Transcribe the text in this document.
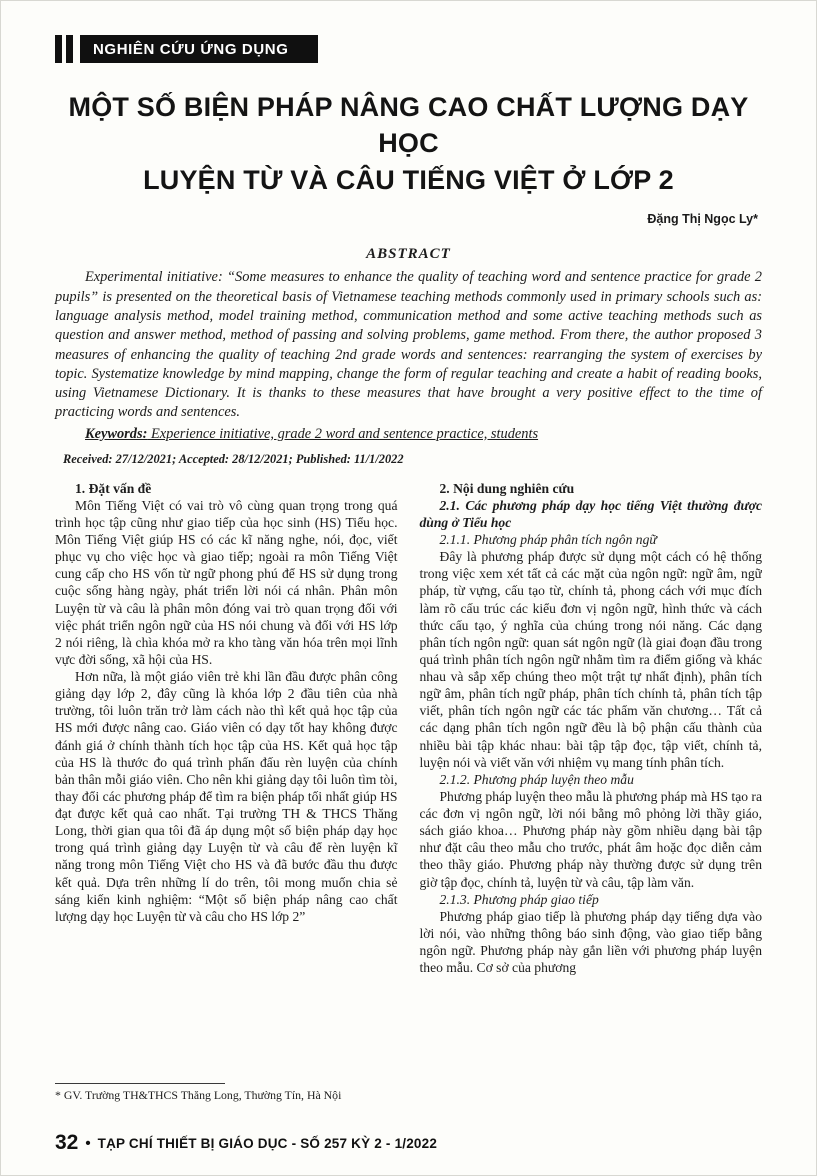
NGHIÊN CỨU ỨNG DỤNG
MỘT SỐ BIỆN PHÁP NÂNG CAO CHẤT LƯỢNG DẠY HỌC
LUYỆN TỪ VÀ CÂU TIẾNG VIỆT Ở LỚP 2
Đặng Thị Ngọc Ly*
ABSTRACT

Experimental initiative: “Some measures to enhance the quality of teaching word and sentence practice for grade 2 pupils” is presented on the theoretical basis of Vietnamese teaching methods commonly used in primary schools such as: language analysis method, model training method, communication method and some active teaching methods such as question and answer method, method of passing and solving problems, game method. From there, the author proposed 3 measures of enhancing the quality of teaching 2nd grade words and sentences: rearranging the system of exercises by topic. Systematize knowledge by mind mapping, change the form of regular teaching and create a habit of reading books, using Vietnamese Dictionary. It is thanks to these measures that have brought a very positive effect to the time of practicing words and sentences.

Keywords: Experience initiative, grade 2 word and sentence practice, students

Received: 27/12/2021; Accepted: 28/12/2021; Published: 11/1/2022

1. Đặt vấn đề

Môn Tiếng Việt có vai trò vô cùng quan trọng trong quá trình học tập cũng như giao tiếp của học sinh (HS) Tiểu học. Môn Tiếng Việt giúp HS có các kĩ năng nghe, nói, đọc, viết phục vụ cho việc học và giao tiếp; ngoài ra môn Tiếng Việt cung cấp cho HS vốn từ ngữ phong phú để HS sử dụng trong cuộc sống hàng ngày, phát triển lời nói cá nhân. Phân môn Luyện từ và câu là phân môn đóng vai trò quan trọng đối với việc phát triển ngôn ngữ của HS nói chung và đối với HS lớp 2 nói riêng, là chìa khóa mở ra kho tàng văn hóa trên mọi lĩnh vực đời sống, xã hội của HS.

Hơn nữa, là một giáo viên trẻ khi lần đầu được phân công giảng dạy lớp 2, đây cũng là khóa lớp 2 đầu tiên của nhà trường, tôi luôn trăn trở làm cách nào thì kết quả học tập của HS mới được nâng cao. Giáo viên có dạy tốt hay không được đánh giá ở chính thành tích học tập của HS. Kết quả học tập của HS là thước đo quá trình phấn đấu rèn luyện của chính bản thân mỗi giáo viên. Cho nên khi giảng dạy tôi luôn tìm tòi, thay đổi các phương pháp để tìm ra biện pháp tối nhất giúp HS đạt được kết quả cao nhất. Tại trường TH & THCS Thăng Long, thời gian qua tôi đã áp dụng một số biện pháp dạy học trong quá trình giảng dạy Luyện từ và câu để rèn luyện kĩ năng trong môn Tiếng Việt cho HS và đã bước đầu thu được kết quả. Dựa trên những lí do trên, tôi mong muốn chia sẻ sáng kiến kinh nghiệm: “Một số biện pháp nâng cao chất lượng dạy học Luyện từ và câu cho HS lớp 2”

* GV. Trường TH&THCS Thăng Long, Thường Tín, Hà Nội

2. Nội dung nghiên cứu

2.1. Các phương pháp dạy học tiếng Việt thường được dùng ở Tiểu học

2.1.1. Phương pháp phân tích ngôn ngữ

Đây là phương pháp được sử dụng một cách có hệ thống trong việc xem xét tất cả các mặt của ngôn ngữ: ngữ âm, ngữ pháp, từ vựng, cấu tạo từ, chính tả, phong cách với mục đích làm rõ cấu trúc các kiểu đơn vị ngôn ngữ, hình thức và cách thức cấu tạo, ý nghĩa của chúng trong nói năng. Các dạng phân tích ngôn ngữ: quan sát ngôn ngữ (là giai đoạn đầu trong quá trình phân tích ngôn ngữ nhằm tìm ra điểm giống và khác nhau và sắp xếp chúng theo một trật tự nhất định), phân tích ngữ âm, phân tích ngữ pháp, phân tích chính tả, phân tích tập viết, phân tích ngôn ngữ các tác phẩm văn chương… Tất cả các dạng phân tích ngôn ngữ đều là bộ phận cấu thành của nhiều bài tập khác nhau: bài tập tập đọc, tập viết, chính tả, luyện nói và viết văn với nhiệm vụ mang tính phân tích.

2.1.2. Phương pháp luyện theo mẫu

Phương pháp luyện theo mẫu là phương pháp mà HS tạo ra các đơn vị ngôn ngữ, lời nói bằng mô phỏng lời thầy giáo, sách giáo khoa… Phương pháp này gồm nhiều dạng bài tập như đặt câu theo mẫu cho trước, phát âm hoặc đọc diễn cảm theo thầy giáo. Phương pháp này thường được sử dụng trên giờ tập đọc, chính tả, luyện từ và câu, tập làm văn.

2.1.3. Phương pháp giao tiếp

Phương pháp giao tiếp là phương pháp dạy tiếng dựa vào lời nói, vào những thông báo sinh động, vào giao tiếp bằng ngôn ngữ. Phương pháp này gắn liền với phương pháp luyện theo mẫu. Cơ sở của phương

32 • TẠP CHÍ THIẾT BỊ GIÁO DỤC - SỐ 257 KỲ 2 - 1/2022
